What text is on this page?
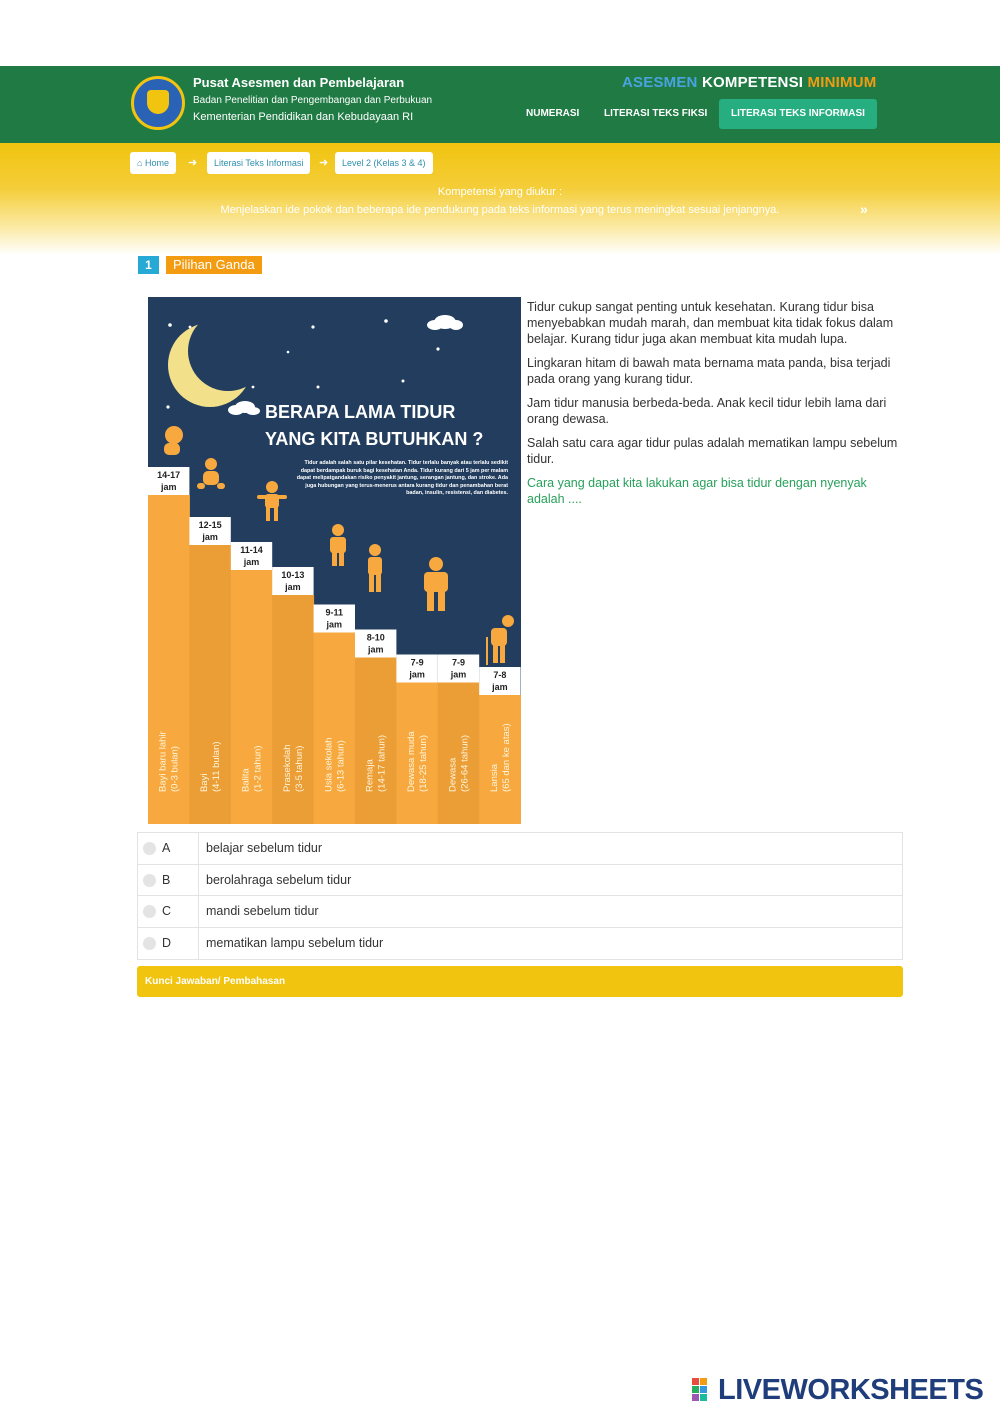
Pusat Asesmen dan Pembelajaran
Badan Penelitian dan Pengembangan dan Perbukuan
Kementerian Pendidikan dan Kebudayaan RI
ASESMEN KOMPETENSI MINIMUM
NUMERASI LITERASI TEKS FIKSI	LITERASI TEKS INFORMASI
⌂ Home	➜	Literasi Teks Informasi	➜	Level 2 (Kelas 3 & 4)
Kompetensi yang diukur :
Menjelaskan ide pokok dan beberapa ide pendukung pada teks informasi yang terus meningkat sesuai jenjangnya.	»
1	Pilihan Ganda
BERAPA LAMA TIDUR
YANG KITA BUTUHKAN ?
Tidur adalah salah satu pilar kesehatan. Tidur terlalu banyak atau terlalu sedikit dapat berdampak buruk bagi kesehatan Anda. Tidur kurang dari 5 jam per malam dapat melipatgandakan risiko penyakit jantung, serangan jantung, dan stroke. Ada juga hubungan yang terus-menerus antara kurang tidur dan penambahan berat badan, insulin, resistensi, dan diabetes.
14-17
jam
Bayi baru lahir (0-3 bulan)
12-15
jam
Bayi (4-11 bulan)
11-14
jam
Balita (1-2 tahun)
10-13
jam
Prasekolah (3-5 tahun)
9-11
jam
Usia sekolah (6-13 tahun)
8-10
jam
Remaja (14-17 tahun)
7-9
jam
Dewasa muda (18-25 tahun)
7-9
jam
Dewasa (26-64 tahun)
7-8
jam
Lansia (65 dan ke atas)

Tidur cukup sangat penting untuk kesehatan. Kurang tidur bisa menyebabkan mudah marah, dan membuat kita tidak fokus dalam belajar. Kurang tidur juga akan membuat kita mudah lupa.

Lingkaran hitam di bawah mata bernama mata panda, bisa terjadi pada orang yang kurang tidur.

Jam tidur manusia berbeda-beda. Anak kecil tidur lebih lama dari orang dewasa.

Salah satu cara agar tidur pulas adalah mematikan lampu sebelum tidur.

Cara yang dapat kita lakukan agar bisa tidur dengan nyenyak adalah ....

A	belajar sebelum tidur
B	berolahraga sebelum tidur
C	mandi sebelum tidur
D	mematikan lampu sebelum tidur
Kunci Jawaban/ Pembahasan
LIVEWORKSHEETS
